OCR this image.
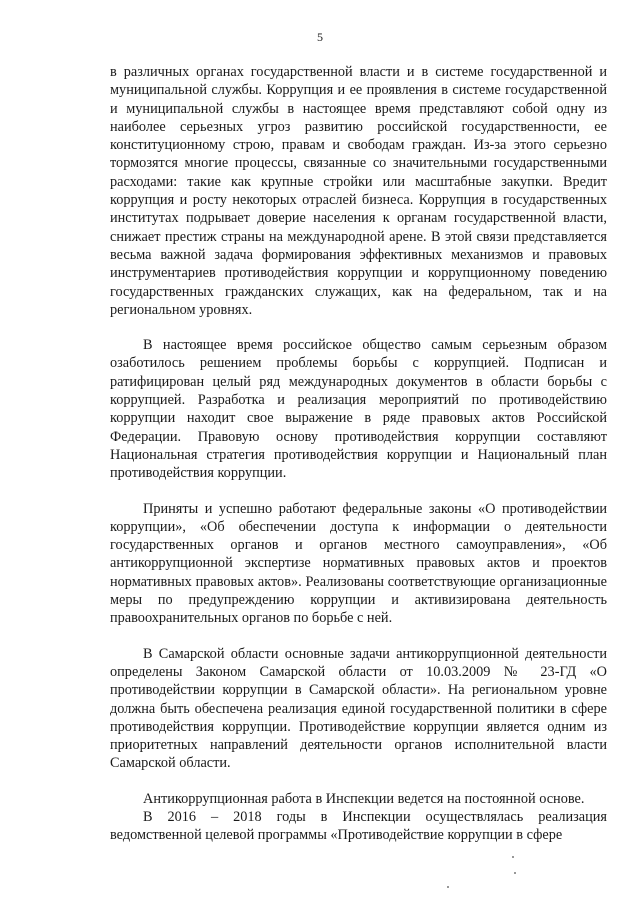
5

в различных органах государственной власти и в системе государственной и муниципальной службы. Коррупция и ее проявления в системе государственной и муниципальной службы в настоящее время представляют собой одну из наиболее серьезных угроз развитию российской государственности, ее конституционному строю, правам и свободам граждан. Из-за этого серьезно тормозятся многие процессы, связанные со значительными государственными расходами: такие как крупные стройки или масштабные закупки. Вредит коррупция и росту некоторых отраслей бизнеса. Коррупция в государственных институтах подрывает доверие населения к органам государственной власти, снижает престиж страны на международной арене. В этой связи представляется весьма важной задача формирования эффективных механизмов и правовых инструментариев противодействия коррупции и коррупционному поведению государственных гражданских служащих, как на федеральном, так и на региональном уровнях.

В настоящее время российское общество самым серьезным образом озаботилось решением проблемы борьбы с коррупцией. Подписан и ратифицирован целый ряд международных документов в области борьбы с коррупцией. Разработка и реализация мероприятий по противодействию коррупции находит свое выражение в ряде правовых актов Российской Федерации. Правовую основу противодействия коррупции составляют Национальная стратегия противодействия коррупции и Национальный план противодействия коррупции.

Приняты и успешно работают федеральные законы «О противодействии коррупции», «Об обеспечении доступа к информации о деятельности государственных органов и органов местного самоуправления», «Об антикоррупционной экспертизе нормативных правовых актов и проектов нормативных правовых актов». Реализованы соответствующие организационные меры по предупреждению коррупции и активизирована деятельность правоохранительных органов по борьбе с ней.

В Самарской области основные задачи антикоррупционной деятельности определены Законом Самарской области от 10.03.2009 № 23-ГД «О противодействии коррупции в Самарской области». На региональном уровне должна быть обеспечена реализация единой государственной политики в сфере противодействия коррупции. Противодействие коррупции является одним из приоритетных направлений деятельности органов исполнительной власти Самарской области.

Антикоррупционная работа в Инспекции ведется на постоянной основе.

В 2016 – 2018 годы в Инспекции осуществлялась реализация ведомственной целевой программы «Противодействие коррупции в сфере
